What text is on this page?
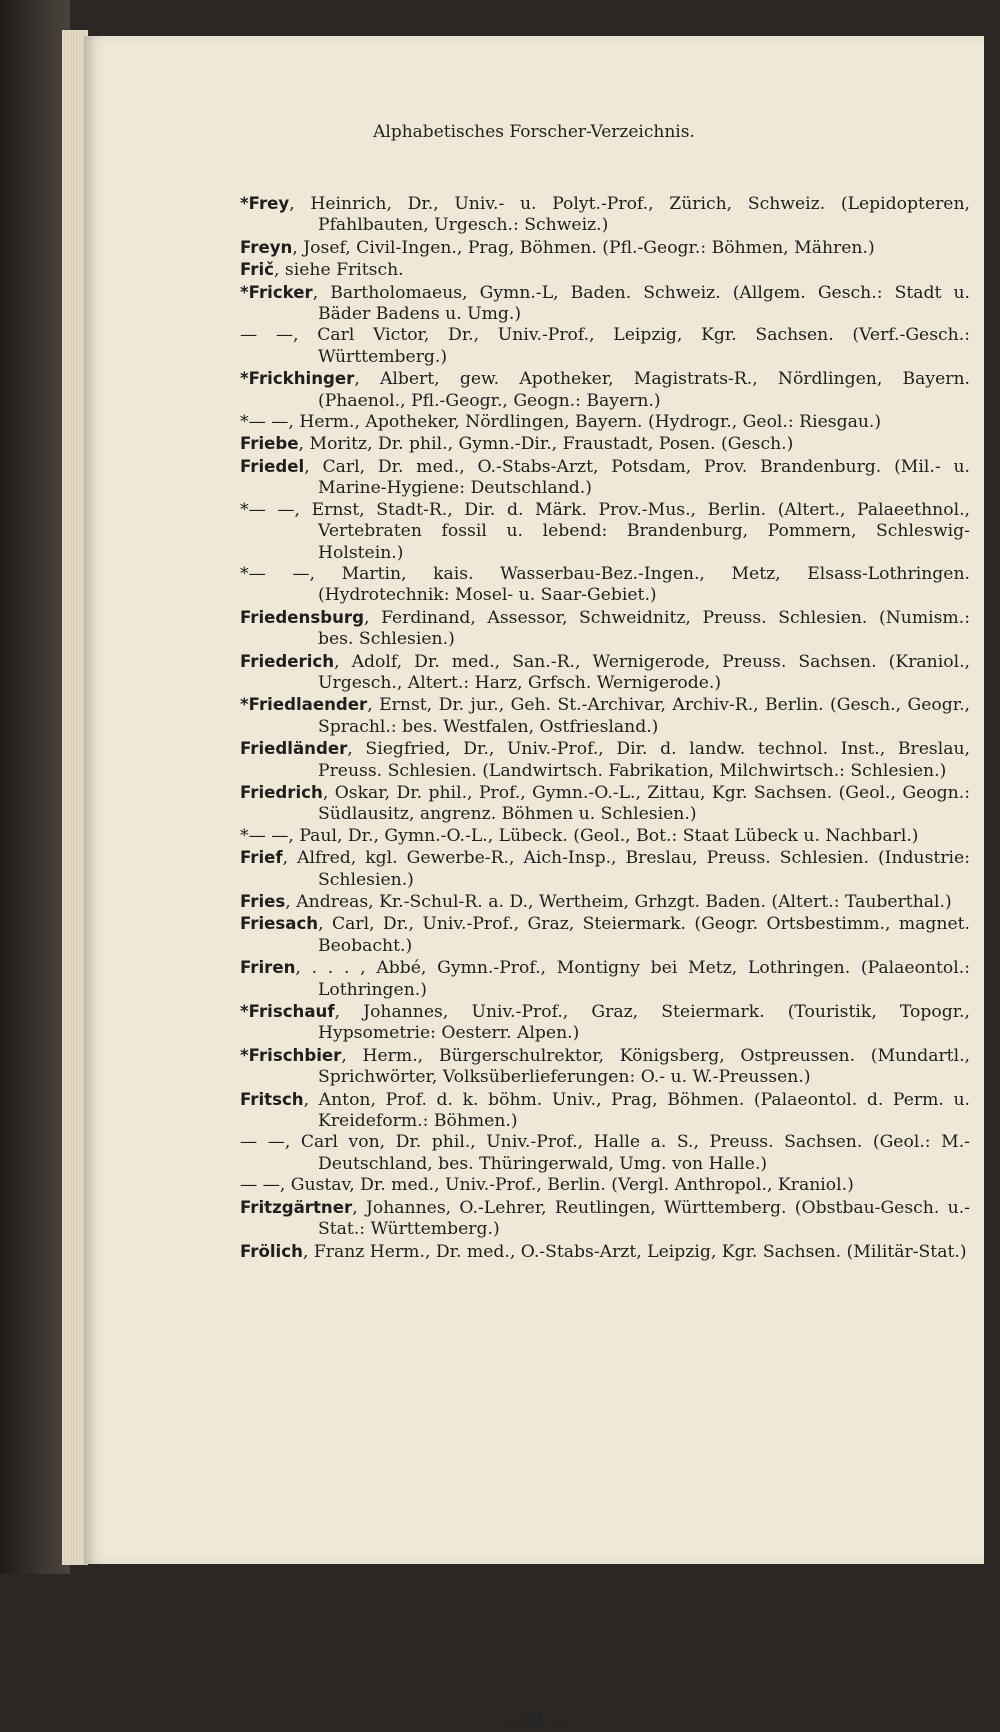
Alphabetisches Forscher-Verzeichnis.
*Frey, Heinrich, Dr., Univ.- u. Polyt.-Prof., Zürich, Schweiz. (Lepidopteren, Pfahlbauten, Urgesch.: Schweiz.)
Freyn, Josef, Civil-Ingen., Prag, Böhmen. (Pfl.-Geogr.: Böhmen, Mähren.)
Frič, siehe Fritsch.
*Fricker, Bartholomaeus, Gymn.-L, Baden. Schweiz. (Allgem. Gesch.: Stadt u. Bäder Badens u. Umg.)
— —, Carl Victor, Dr., Univ.-Prof., Leipzig, Kgr. Sachsen. (Verf.-Gesch.: Württemberg.)
*Frickhinger, Albert, gew. Apotheker, Magistrats-R., Nördlingen, Bayern. (Phaenol., Pfl.-Geogr., Geogn.: Bayern.)
*— —, Herm., Apotheker, Nördlingen, Bayern. (Hydrogr., Geol.: Riesgau.)
Friebe, Moritz, Dr. phil., Gymn.-Dir., Fraustadt, Posen. (Gesch.)
Friedel, Carl, Dr. med., O.-Stabs-Arzt, Potsdam, Prov. Brandenburg. (Mil.- u. Marine-Hygiene: Deutschland.)
*— —, Ernst, Stadt-R., Dir. d. Märk. Prov.-Mus., Berlin. (Altert., Palaeethnol., Vertebraten fossil u. lebend: Brandenburg, Pommern, Schleswig-Holstein.)
*— —, Martin, kais. Wasserbau-Bez.-Ingen., Metz, Elsass-Lothringen. (Hydrotechnik: Mosel- u. Saar-Gebiet.)
Friedensburg, Ferdinand, Assessor, Schweidnitz, Preuss. Schlesien. (Numism.: bes. Schlesien.)
Friederich, Adolf, Dr. med., San.-R., Wernigerode, Preuss. Sachsen. (Kraniol., Urgesch., Altert.: Harz, Grfsch. Wernigerode.)
*Friedlaender, Ernst, Dr. jur., Geh. St.-Archivar, Archiv-R., Berlin. (Gesch., Geogr., Sprachl.: bes. Westfalen, Ostfriesland.)
Friedländer, Siegfried, Dr., Univ.-Prof., Dir. d. landw. technol. Inst., Breslau, Preuss. Schlesien. (Landwirtsch. Fabrikation, Milchwirtsch.: Schlesien.)
Friedrich, Oskar, Dr. phil., Prof., Gymn.-O.-L., Zittau, Kgr. Sachsen. (Geol., Geogn.: Südlausitz, angrenz. Böhmen u. Schlesien.)
*— —, Paul, Dr., Gymn.-O.-L., Lübeck. (Geol., Bot.: Staat Lübeck u. Nachbarl.)
Frief, Alfred, kgl. Gewerbe-R., Aich-Insp., Breslau, Preuss. Schlesien. (Industrie: Schlesien.)
Fries, Andreas, Kr.-Schul-R. a. D., Wertheim, Grhzgt. Baden. (Altert.: Tauberthal.)
Friesach, Carl, Dr., Univ.-Prof., Graz, Steiermark. (Geogr. Ortsbestimm., magnet. Beobacht.)
Friren, . . . , Abbé, Gymn.-Prof., Montigny bei Metz, Lothringen. (Palaeontol.: Lothringen.)
*Frischauf, Johannes, Univ.-Prof., Graz, Steiermark. (Touristik, Topogr., Hypsometrie: Oesterr. Alpen.)
*Frischbier, Herm., Bürgerschulrektor, Königsberg, Ostpreussen. (Mundartl., Sprichwörter, Volksüberlieferungen: O.- u. W.-Preussen.)
Fritsch, Anton, Prof. d. k. böhm. Univ., Prag, Böhmen. (Palaeontol. d. Perm. u. Kreideform.: Böhmen.)
— —, Carl von, Dr. phil., Univ.-Prof., Halle a. S., Preuss. Sachsen. (Geol.: M.-Deutschland, bes. Thüringerwald, Umg. von Halle.)
— —, Gustav, Dr. med., Univ.-Prof., Berlin. (Vergl. Anthropol., Kraniol.)
Fritzgärtner, Johannes, O.-Lehrer, Reutlingen, Württemberg. (Obstbau-Gesch. u.- Stat.: Württemberg.)
Frölich, Franz Herm., Dr. med., O.-Stabs-Arzt, Leipzig, Kgr. Sachsen. (Militär-Stat.)
— 24 —
